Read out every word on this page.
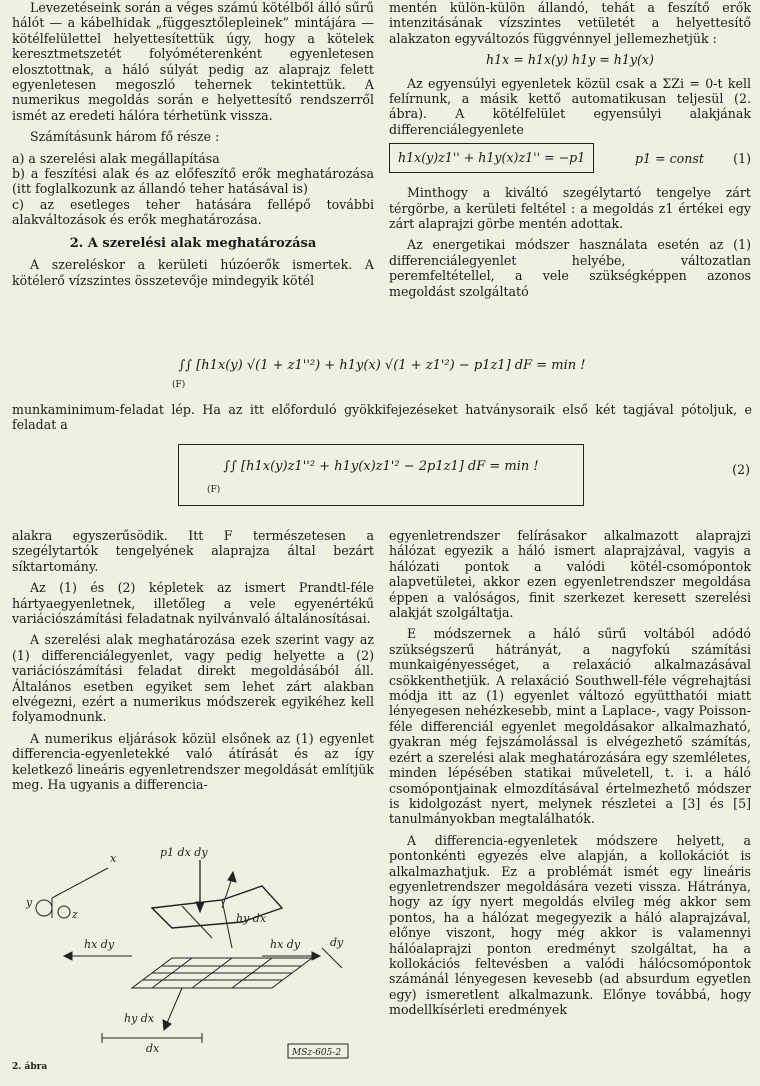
Levezetéseink során a véges számú kötélből álló sűrű hálót — a kábelhidak „függesztőlepleinek” mintájára — kötélfelülettel helyettesítettük úgy, hogy a kötelek keresztmetszetét folyóméterenként egyenletesen elosztottnak, a háló súlyát pedig az alaprajz felett egyenletesen megoszló tehernek tekintettük. A numerikus megoldás során e helyettesítő rendszerről ismét az eredeti hálóra térhetünk vissza.

Számításunk három fő része :

a) a szerelési alak megállapítása
b) a feszítési alak és az előfeszítő erők meghatározása (itt foglalkozunk az állandó teher hatásával is)
c) az esetleges teher hatására fellépő további alakváltozások és erők meghatározása.
2. A szerelési alak meghatározása

A szereléskor a kerületi húzóerők ismertek. A kötélerő vízszintes összetevője mindegyik kötél

mentén külön-külön állandó, tehát a feszítő erők intenzitásának vízszintes vetületét a helyettesítő alakzaton egyváltozós függvénnyel jellemezhetjük :

h1x = h1x(y) h1y = h1y(x)

Az egyensúlyi egyenletek közül csak a ΣZi = 0-t kell felírnunk, a másik kettő automatikusan teljesül (2. ábra). A kötélfelület egyensúlyi alakjának differenciálegyenlete

h1x(y)z1'' + h1y(x)z1'' = −p1	p1 = const (1)

Minthogy a kiváltó szegélytartó tengelye zárt térgörbe, a kerületi feltétel : a megoldás z1 értékei egy zárt alaprajzi görbe mentén adottak.

Az energetikai módszer használata esetén az (1) differenciálegyenlet helyébe, változatlan peremfeltétellel, a vele szükségképpen azonos megoldást szolgáltató

∫∫ [h1x(y) √(1 + z1''²) + h1y(x) √(1 + z1'²) − p1z1] dF = min !
(F)
munkaminimum-feladat lép. Ha az itt előforduló gyökkifejezéseket hatványsoraik első két tagjával pótoljuk, e feladat a
∫∫ [h1x(y)z1''² + h1y(x)z1'² − 2p1z1] dF = min !
(F)
(2)

alakra egyszerűsödik. Itt F természetesen a szegélytartók tengelyének alaprajza által bezárt síktartomány.

Az (1) és (2) képletek az ismert Prandtl-féle hártyaegyenletnek, illetőleg a vele egyenértékű variációszámítási feladatnak nyilvánvaló általánosításai.

A szerelési alak meghatározása ezek szerint vagy az (1) differenciálegyenlet, vagy pedig helyette a (2) variációszámítási feladat direkt megoldásából áll. Általános esetben egyiket sem lehet zárt alakban elvégezni, ezért a numerikus módszerek egyikéhez kell folyamodnunk.

A numerikus eljárások közül elsőnek az (1) egyenlet differencia-egyenletekké való átírását és az így keletkező lineáris egyenletrendszer megoldását említjük meg. Ha ugyanis a differencia-

egyenletrendszer felírásakor alkalmazott alaprajzi hálózat egyezik a háló ismert alaprajzával, vagyis a hálózati pontok a valódi kötél-csomópontok alapvetületei, akkor ezen egyenletrendszer megoldása éppen a valóságos, finit szerkezet keresett szerelési alakját szolgáltatja.

E módszernek a háló sűrű voltából adódó szükségszerű hátrányát, a nagyfokú számítási munkaigényességet, a relaxáció alkalmazásával csökkenthetjük. A relaxáció Southwell-féle végrehajtási módja itt az (1) egyenlet változó együtthatói miatt lényegesen nehézkesebb, mint a Laplace-, vagy Poisson-féle differenciál egyenlet megoldásakor alkalmazható, gyakran még fejszámolással is elvégezhető számítás, ezért a szerelési alak meghatározására egy szemléletes, minden lépésében statikai műveletell, t. i. a háló csomópontjainak elmozdításával értelmezhető módszer is kidolgozást nyert, melynek részletei a [3] és [5] tanulmányokban megtalálhatók.

A differencia-egyenletek módszere helyett, a pontonkénti egyezés elve alapján, a kollokációt is alkalmazhatjuk. Ez a problémát ismét egy lineáris egyenletrendszer megoldására vezeti vissza. Hátránya, hogy az így nyert megoldás elvileg még akkor sem pontos, ha a hálózat megegyezik a háló alaprajzával, előnye viszont, hogy még akkor is valamennyi hálóalaprajzi ponton eredményt szolgáltat, ha a kollokációs feltevésben a valódi hálócsomópontok számánál lényegesen kevesebb (ad absurdum egyetlen egy) ismeretlent alkalmazunk. Előnye továbbá, hogy modellkísérleti eredmények

x
y
z
p1 dx dy
hy dx
hx dy	hx dy	dy
hy dx
dx	MSz-605-2
2. ábra
